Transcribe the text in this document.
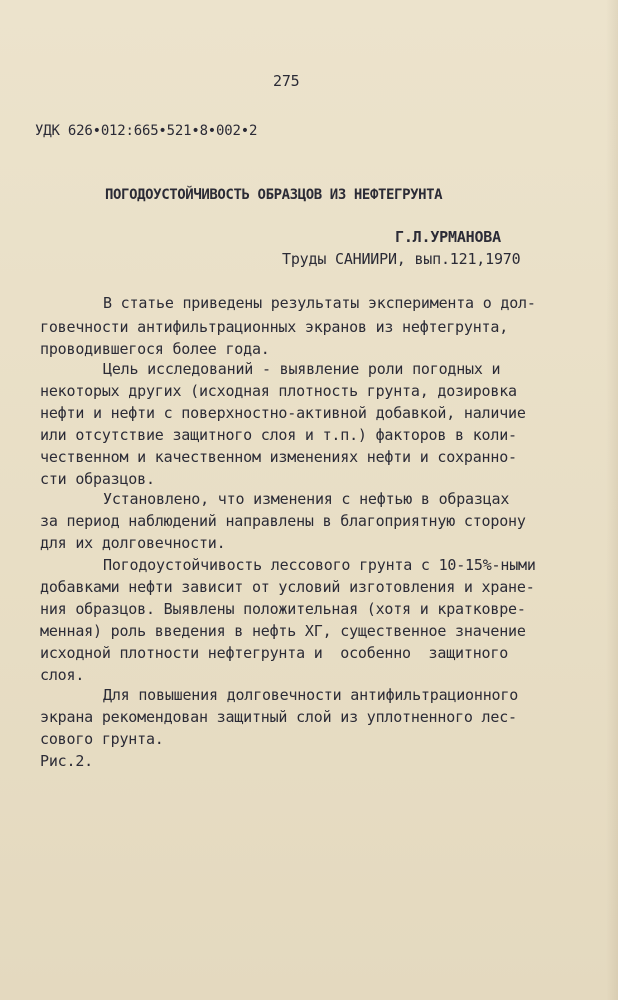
275
УДК 626•012:665•521•8•002•2
ПОГОДОУСТОЙЧИВОСТЬ ОБРАЗЦОВ ИЗ НЕФТЕГРУНТА
Г.Л.УРМАНОВА
Труды САНИИРИ, вып.121,1970
В статье приведены результаты эксперимента о дол-
говечности антифильтрационных экранов из нефтегрунта,
проводившегося более года.
Цель исследований - выявление роли погодных и
некоторых других (исходная плотность грунта, дозировка
нефти и нефти с поверхностно-активной добавкой, наличие
или отсутствие защитного слоя и т.п.) факторов в коли-
чественном и качественном изменениях нефти и сохранно-
сти образцов.
Установлено, что изменения с нефтью в образцах
за период наблюдений направлены в благоприятную сторону
для их долговечности.
Погодоустойчивость лессового грунта с 10-15%-ными
добавками нефти зависит от условий изготовления и хране-
ния образцов. Выявлены положительная (хотя и кратковре-
менная) роль введения в нефть ХГ, существенное значение
исходной плотности нефтегрунта и  особенно  защитного
слоя.
Для повышения долговечности антифильтрационного
экрана рекомендован защитный слой из уплотненного лес-
сового грунта.
Рис.2.
